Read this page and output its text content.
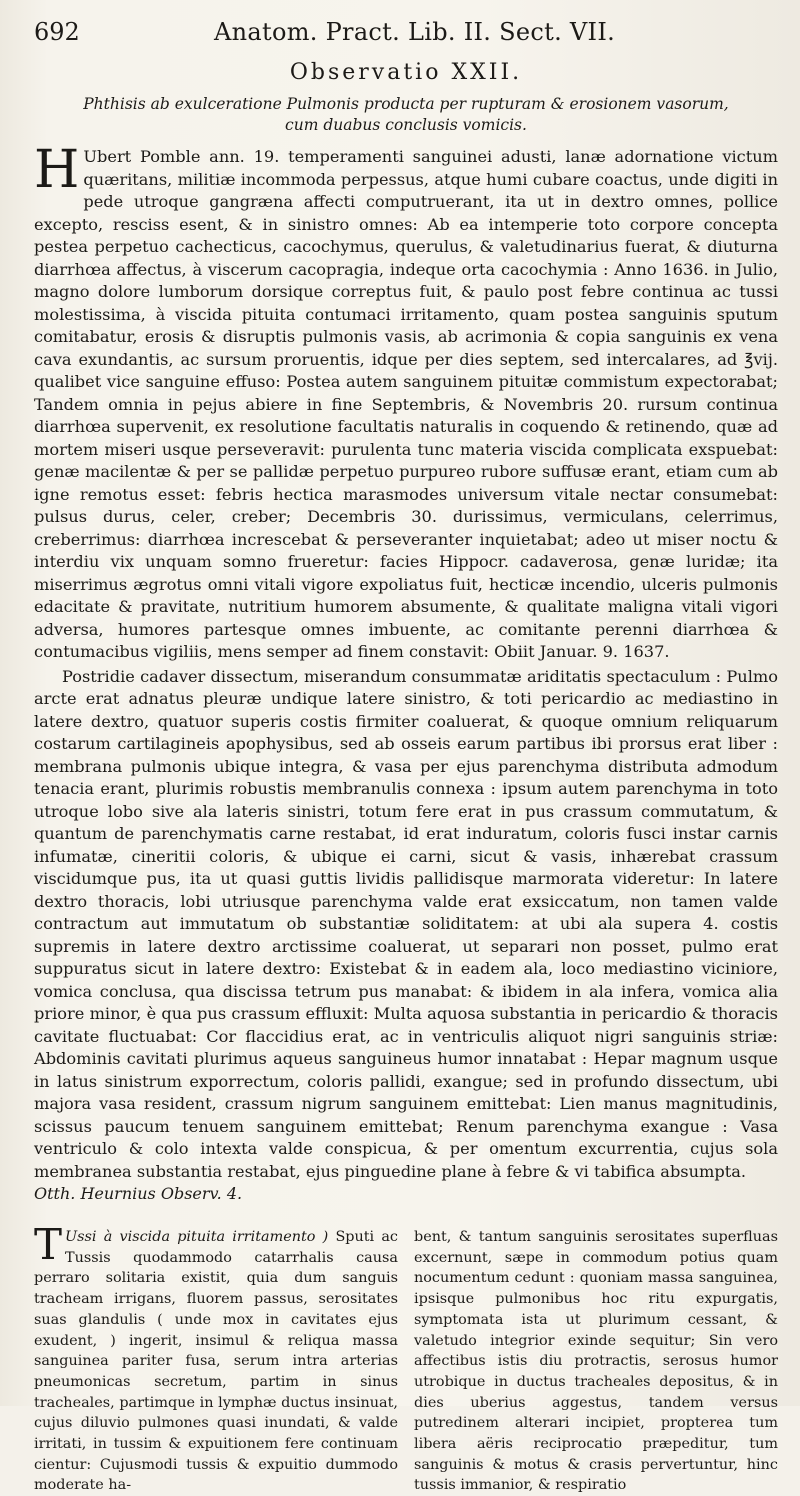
692	Anatom. Pract. Lib. II. Sect. VII.
Observatio XXII.
Phthisis ab exulceratione Pulmonis producta per rupturam & erosionem vasorum,
cum duabus conclusis vomicis.

H Ubert Pomble ann. 19. temperamenti sanguinei adusti, lanæ adornatione victum quæritans, militiæ incommoda perpessus, atque humi cubare coactus, unde digiti in pede utroque gangræna affecti computruerant, ita ut in dextro omnes, pollice excepto, resciss esent, & in sinistro omnes: Ab ea intemperie toto corpore concepta pestea perpetuo cachecticus, cacochymus, querulus, & valetudinarius fuerat, & diuturna diarrhœa affectus, à viscerum cacopragia, indeque orta cacochymia : Anno 1636. in Julio, magno dolore lumborum dorsique correptus fuit, & paulo post febre continua ac tussi molestissima, à viscida pituita contumaci irritamento, quam postea sanguinis sputum comitabatur, erosis & disruptis pulmonis vasis, ab acrimonia & copia sanguinis ex vena cava exundantis, ac sursum proruentis, idque per dies septem, sed intercalares, ad ℥vij. qualibet vice sanguine effuso: Postea autem sanguinem pituitæ commistum expectorabat; Tandem omnia in pejus abiere in fine Septembris, & Novembris 20. rursum continua diarrhœa supervenit, ex resolutione facultatis naturalis in coquendo & retinendo, quæ ad mortem miseri usque perseveravit: purulenta tunc materia viscida complicata exspuebat: genæ macilentæ & per se pallidæ perpetuo purpureo rubore suffusæ erant, etiam cum ab igne remotus esset: febris hectica marasmodes universum vitale nectar consumebat: pulsus durus, celer, creber; Decembris 30. durissimus, vermiculans, celerrimus, creberrimus: diarrhœa increscebat & perseveranter inquietabat; adeo ut miser noctu & interdiu vix unquam somno frueretur: facies Hippocr. cadaverosa, genæ luridæ; ita miserrimus ægrotus omni vitali vigore expoliatus fuit, hecticæ incendio, ulceris pulmonis edacitate & pravitate, nutritium humorem absumente, & qualitate maligna vitali vigori adversa, humores partesque omnes imbuente, ac comitante perenni diarrhœa & contumacibus vigiliis, mens semper ad finem constavit: Obiit Januar. 9. 1637.

Postridie cadaver dissectum, miserandum consummatæ ariditatis spectaculum : Pulmo arcte erat adnatus pleuræ undique latere sinistro, & toti pericardio ac mediastino in latere dextro, quatuor superis costis firmiter coaluerat, & quoque omnium reliquarum costarum cartilagineis apophysibus, sed ab osseis earum partibus ibi prorsus erat liber : membrana pulmonis ubique integra, & vasa per ejus parenchyma distributa admodum tenacia erant, plurimis robustis membranulis connexa : ipsum autem parenchyma in toto utroque lobo sive ala lateris sinistri, totum fere erat in pus crassum commutatum, & quantum de parenchymatis carne restabat, id erat induratum, coloris fusci instar carnis infumatæ, cineritii coloris, & ubique ei carni, sicut & vasis, inhærebat crassum viscidumque pus, ita ut quasi guttis lividis pallidisque marmorata videretur: In latere dextro thoracis, lobi utriusque parenchyma valde erat exsiccatum, non tamen valde contractum aut immutatum ob substantiæ soliditatem: at ubi ala supera 4. costis supremis in latere dextro arctissime coaluerat, ut separari non posset, pulmo erat suppuratus sicut in latere dextro: Existebat & in eadem ala, loco mediastino viciniore, vomica conclusa, qua discissa tetrum pus manabat: & ibidem in ala infera, vomica alia priore minor, è qua pus crassum effluxit: Multa aquosa substantia in pericardio & thoracis cavitate fluctuabat: Cor flaccidius erat, ac in ventriculis aliquot nigri sanguinis striæ: Abdominis cavitati plurimus aqueus sanguineus humor innatabat : Hepar magnum usque in latus sinistrum exporrectum, coloris pallidi, exangue; sed in profundo dissectum, ubi majora vasa resident, crassum nigrum sanguinem emittebat: Lien manus magnitudinis, scissus paucum tenuem sanguinem emittebat; Renum parenchyma exangue : Vasa ventriculo & colo intexta valde conspicua, & per omentum excurrentia, cujus sola membranea substantia restabat, ejus pinguedine plane à febre & vi tabifica absumpta.

Otth. Heurnius Observ. 4.

T Ussi à viscida pituita irritamento ) Sputi ac Tussis quodammodo catarrhalis causa perraro solitaria existit, quia dum sanguis tracheam irrigans, fluorem passus, serositates suas glandulis ( unde mox in cavitates ejus exudent, ) ingerit, insimul & reliqua massa sanguinea pariter fusa, serum intra arterias pneumonicas secretum, partim in sinus tracheales, partimque in lymphæ ductus insinuat, cujus diluvio pulmones quasi inundati, & valde irritati, in tussim & expuitionem fere continuam cientur: Cujusmodi tussis & expuitio dummodo moderate ha-
bent, & tantum sanguinis serositates superfluas excernunt, sæpe in commodum potius quam nocumentum cedunt : quoniam massa sanguinea, ipsisque pulmonibus hoc ritu expurgatis, symptomata ista ut plurimum cessant, & valetudo integrior exinde sequitur; Sin vero affectibus istis diu protractis, serosus humor utrobique in ductus tracheales depositus, & in dies uberius aggestus, tandem versus putredinem alterari incipiet, propterea tum libera aëris reciprocatio præpeditur, tum sanguinis & motus & crasis pervertuntur, hinc tussis immanior, & respiratio
